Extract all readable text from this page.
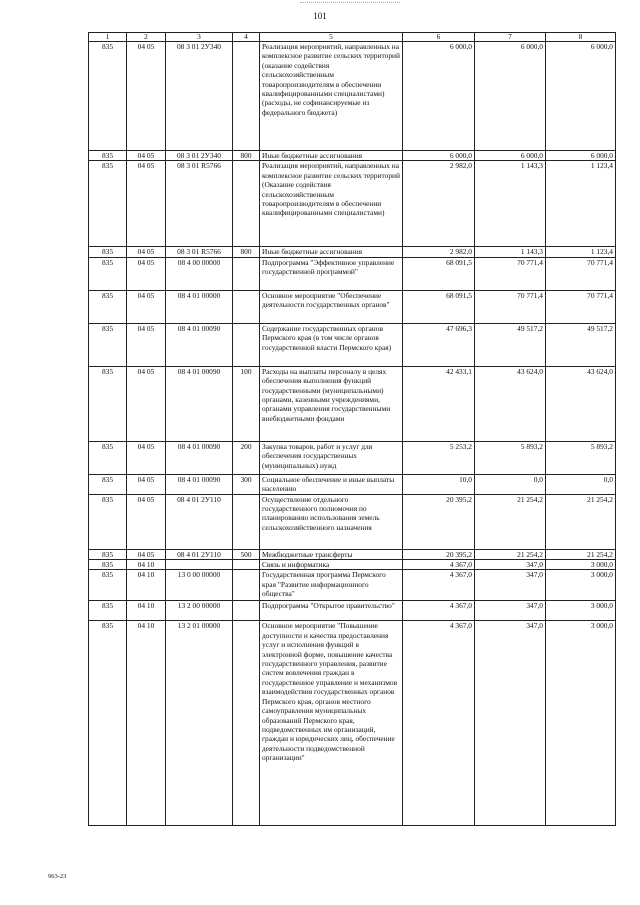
101
1	2	3	4	5	6	7	8
835	04 05	08 3 01 2У340		Реализация мероприятий, направленных на комплексное развитие сельских территорий (оказание содействия сельскохозяйственным товаропроизводителям в обеспечении квалифицированными специалистами) (расходы, не софинансируемые из федерального бюджета)	6 000,0	6 000,0	6 000,0
835	04 05	08 3 01 2У340	800	Иные бюджетные ассигнования	6 000,0	6 000,0	6 000,0
835	04 05	08 3 01 R5766		Реализация мероприятий, направленных на комплексное развитие сельских территорий (Оказание содействия сельскохозяйственным товаропроизводителям в обеспечении квалифицированными специалистами)	2 982,0	1 143,3	1 123,4
835	04 05	08 3 01 R5766	800	Иные бюджетные ассигнования	2 982,0	1 143,3	1 123,4
835	04 05	08 4 00 00000		Подпрограмма "Эффективное управление государственной программой"	68 091,5	70 771,4	70 771,4
835	04 05	08 4 01 00000		Основное мероприятие "Обеспечение деятельности государственных органов"	68 091,5	70 771,4	70 771,4
835	04 05	08 4 01 00090		Содержание государственных органов Пермского края (в том числе органов государственной власти Пермского края)	47 696,3	49 517,2	49 517,2
835	04 05	08 4 01 00090	100	Расходы на выплаты персоналу в целях обеспечения выполнения функций государственными (муниципальными) органами, казенными учреждениями, органами управления государственными внебюджетными фондами	42 433,1	43 624,0	43 624,0
835	04 05	08 4 01 00090	200	Закупка товаров, работ и услуг для обеспечения государственных (муниципальных) нужд	5 253,2	5 893,2	5 893,2
835	04 05	08 4 01 00090	300	Социальное обеспечение и иные выплаты населению	10,0	0,0	0,0
835	04 05	08 4 01 2У110		Осуществление отдельного государственного полномочия по планированию использования земель сельскохозяйственного назначения	20 395,2	21 254,2	21 254,2
835	04 05	08 4 01 2У110	500	Межбюджетные трансферты	20 395,2	21 254,2	21 254,2
835	04 10			Связь и информатика	4 367,0	347,0	3 000,0
835	04 10	13 0 00 00000		Государственная программа Пермского края "Развитие информационного общества"	4 367,0	347,0	3 000,0
835	04 10	13 2 00 00000		Подпрограмма "Открытое правительство"	4 367,0	347,0	3 000,0
835	04 10	13 2 01 00000		Основное мероприятие "Повышение доступности и качества предоставления услуг и исполнения функций в электронной форме, повышение качества государственного управления, развитие систем вовлечения граждан в государственное управление и механизмов взаимодействия государственных органов Пермского края, органов местного самоуправления муниципальных образований Пермского края, подведомственных им организаций, граждан и юридических лиц, обеспечение деятельности подведомственной организации"	4 367,0	347,0	3 000,0
963-23
